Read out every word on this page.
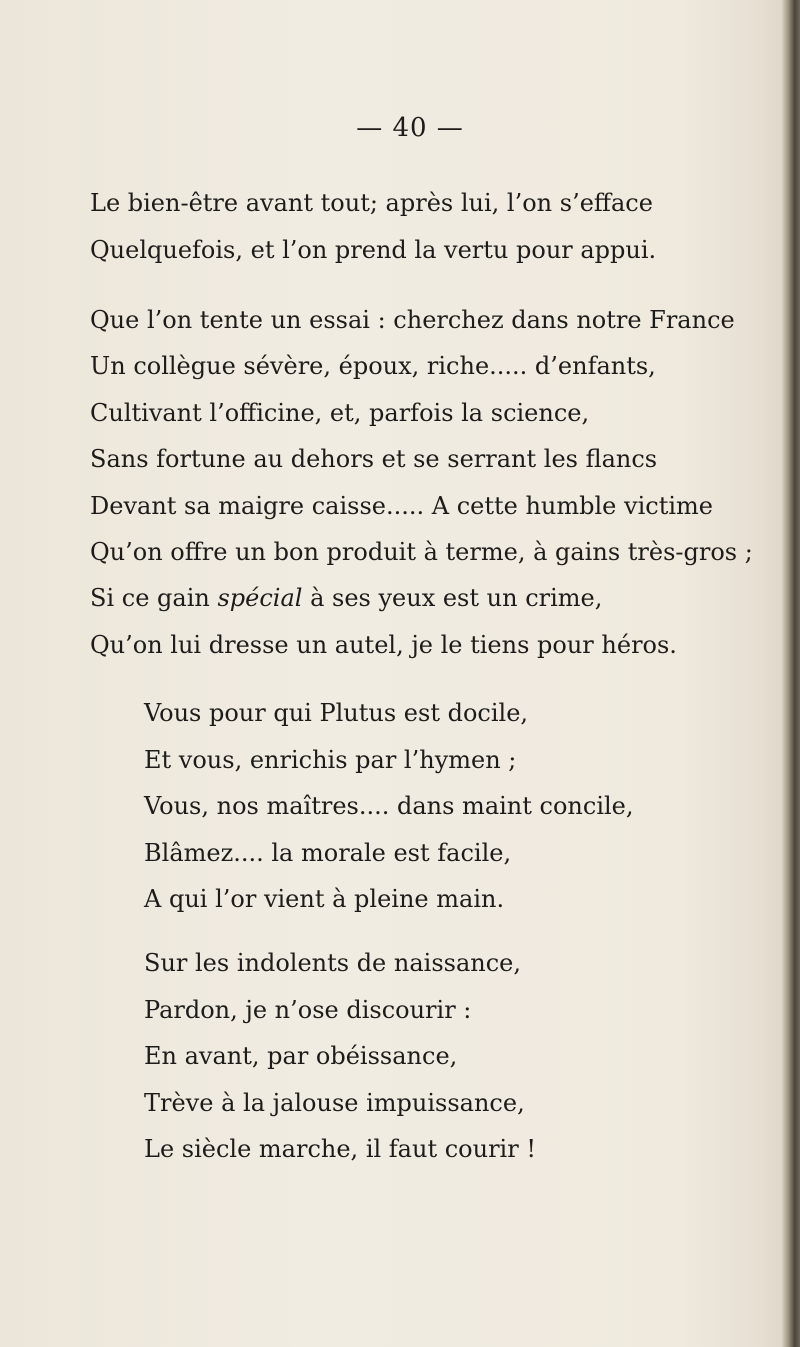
— 40 —
Le bien-être avant tout; après lui, l’on s’efface
Quelquefois, et l’on prend la vertu pour appui.
Que l’on tente un essai : cherchez dans notre France
Un collègue sévère, époux, riche..... d’enfants,
Cultivant l’officine, et, parfois la science,
Sans fortune au dehors et se serrant les flancs
Devant sa maigre caisse..... A cette humble victime
Qu’on offre un bon produit à terme, à gains très-gros ;
Si ce gain spécial à ses yeux est un crime,
Qu’on lui dresse un autel, je le tiens pour héros.
Vous pour qui Plutus est docile,
Et vous, enrichis par l’hymen ;
Vous, nos maîtres.... dans maint concile,
Blâmez.... la morale est facile,
A qui l’or vient à pleine main.
Sur les indolents de naissance,
Pardon, je n’ose discourir :
En avant, par obéissance,
Trève à la jalouse impuissance,
Le siècle marche, il faut courir !
